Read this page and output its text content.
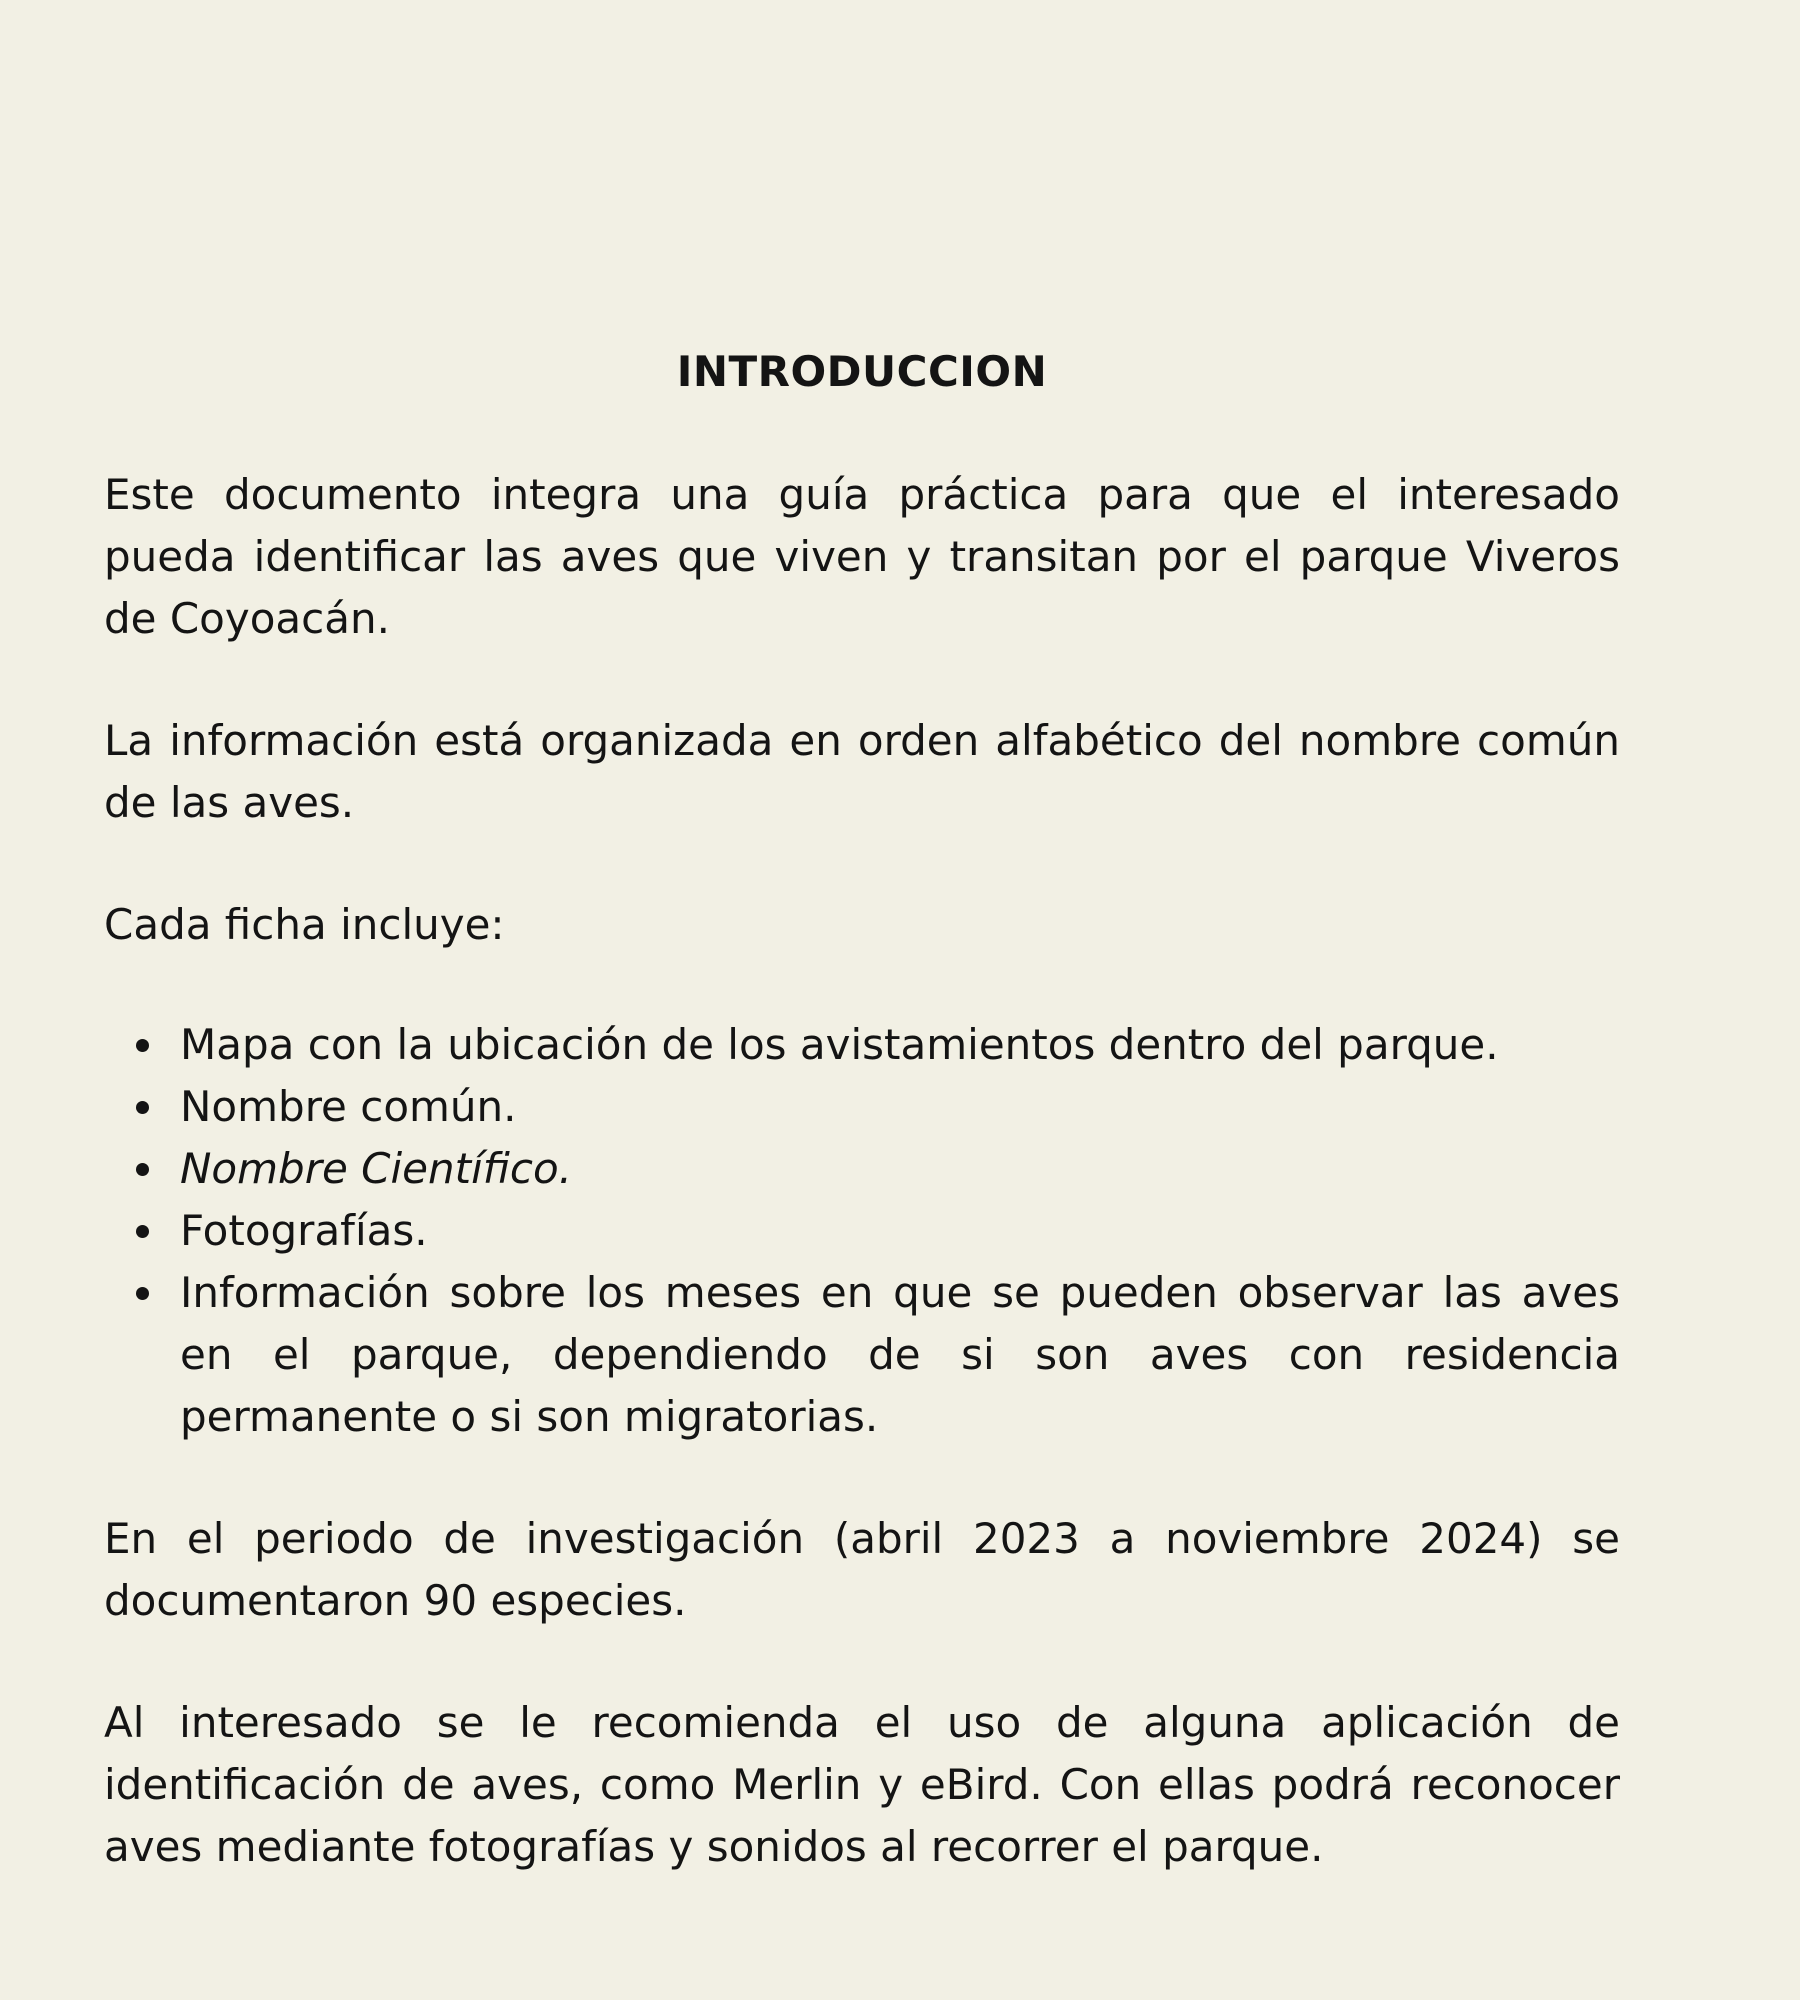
INTRODUCCION

Este documento integra una guía práctica para que el interesado pueda identificar las aves que viven y transitan por el parque Viveros de Coyoacán.

La información está organizada en orden alfabético del nombre común de las aves.

Cada ficha incluye:

Mapa con la ubicación de los avistamientos dentro del parque.
Nombre común.
Nombre Científico.
Fotografías.
Información sobre los meses en que se pueden observar las aves en el parque, dependiendo de si son aves con residencia permanente o si son migratorias.

En el periodo de investigación (abril 2023 a noviembre 2024) se documentaron 90 especies.

Al interesado se le recomienda el uso de alguna aplicación de identificación de aves, como Merlin y eBird. Con ellas podrá reconocer aves mediante fotografías y sonidos al recorrer el parque.
